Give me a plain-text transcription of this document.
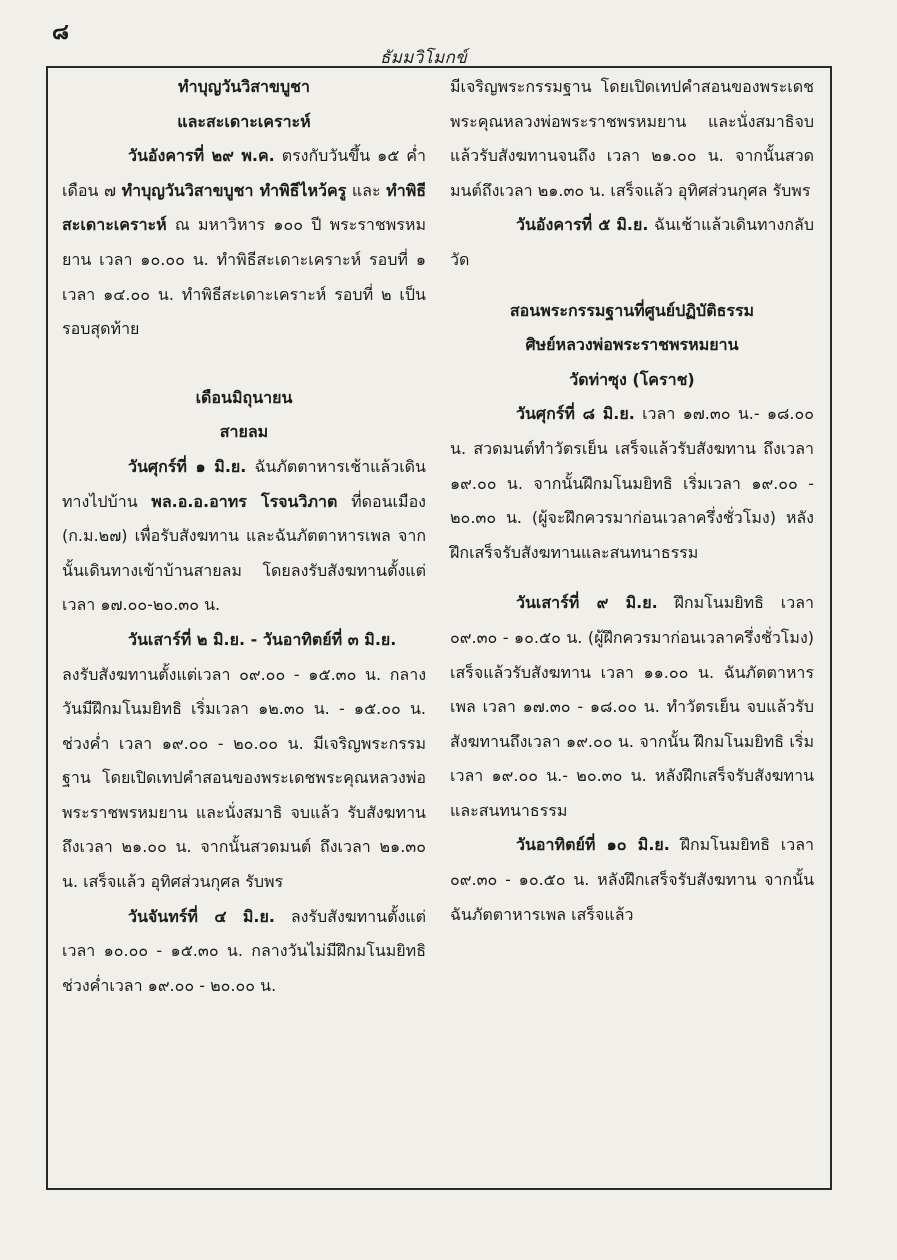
๘
ธัมมวิโมกข์

ทำบุญวันวิสาขบูชา

และสะเดาะเคราะห์

วันอังคารที่ ๒๙ พ.ค. ตรงกับวันขึ้น ๑๕ ค่ำ เดือน ๗ ทำบุญวันวิสาขบูชา ทำพิธีไหว้ครู และ ทำพิธีสะเดาะเคราะห์ ณ มหาวิหาร ๑๐๐ ปี พระราชพรหมยาน เวลา ๑๐.๐๐ น. ทำพิธีสะเดาะเคราะห์ รอบที่ ๑ เวลา ๑๔.๐๐ น. ทำพิธีสะเดาะเคราะห์ รอบที่ ๒ เป็นรอบสุดท้าย

เดือนมิถุนายน

สายลม

วันศุกร์ที่ ๑ มิ.ย. ฉันภัตตาหารเช้าแล้วเดินทางไปบ้าน พล.อ.อ.อาทร โรจนวิภาต ที่ดอนเมือง (ก.ม.๒๗) เพื่อรับสังฆทาน และฉันภัตตาหารเพล จากนั้นเดินทางเข้าบ้านสายลม โดยลงรับสังฆทานตั้งแต่เวลา ๑๗.๐๐-๒๐.๓๐ น.

วันเสาร์ที่ ๒ มิ.ย. - วันอาทิตย์ที่ ๓ มิ.ย.

ลงรับสังฆทานตั้งแต่เวลา ๐๙.๐๐ - ๑๕.๓๐ น. กลางวันมีฝึกมโนมยิทธิ เริ่มเวลา ๑๒.๓๐ น. - ๑๕.๐๐ น. ช่วงค่ำ เวลา ๑๙.๐๐ - ๒๐.๐๐ น. มีเจริญพระกรรมฐาน โดยเปิดเทปคำสอนของพระเดชพระคุณหลวงพ่อพระราชพรหมยาน และนั่งสมาธิ จบแล้ว รับสังฆทาน ถึงเวลา ๒๑.๐๐ น. จากนั้นสวดมนต์ ถึงเวลา ๒๑.๓๐ น. เสร็จแล้ว อุทิศส่วนกุศล รับพร

วันจันทร์ที่ ๔ มิ.ย. ลงรับสังฆทานตั้งแต่ เวลา ๑๐.๐๐ - ๑๕.๓๐ น. กลางวันไม่มีฝึกมโนมยิทธิ ช่วงค่ำเวลา ๑๙.๐๐ - ๒๐.๐๐ น.

มีเจริญพระกรรมฐาน โดยเปิดเทปคำสอนของพระเดชพระคุณหลวงพ่อพระราชพรหมยาน และนั่งสมาธิจบแล้วรับสังฆทานจนถึง เวลา ๒๑.๐๐ น. จากนั้นสวดมนต์ถึงเวลา ๒๑.๓๐ น. เสร็จแล้ว อุทิศส่วนกุศล รับพร

วันอังคารที่ ๕ มิ.ย. ฉันเช้าแล้วเดินทางกลับวัด

สอนพระกรรมฐานที่ศูนย์ปฏิบัติธรรม

ศิษย์หลวงพ่อพระราชพรหมยาน

วัดท่าซุง (โคราช)

วันศุกร์ที่ ๘ มิ.ย. เวลา ๑๗.๓๐ น.- ๑๘.๐๐ น. สวดมนต์ทำวัตรเย็น เสร็จแล้วรับสังฆทาน ถึงเวลา ๑๙.๐๐ น. จากนั้นฝึกมโนมยิทธิ เริ่มเวลา ๑๙.๐๐ - ๒๐.๓๐ น. (ผู้จะฝึกควรมาก่อนเวลาครึ่งชั่วโมง) หลังฝึกเสร็จรับสังฆทานและสนทนาธรรม

วันเสาร์ที่ ๙ มิ.ย. ฝึกมโนมยิทธิ เวลา ๐๙.๓๐ - ๑๐.๕๐ น. (ผู้ฝึกควรมาก่อนเวลาครึ่งชั่วโมง) เสร็จแล้วรับสังฆทาน เวลา ๑๑.๐๐ น. ฉันภัตตาหารเพล เวลา ๑๗.๓๐ - ๑๘.๐๐ น. ทำวัตรเย็น จบแล้วรับสังฆทานถึงเวลา ๑๙.๐๐ น. จากนั้น ฝึกมโนมยิทธิ เริ่มเวลา ๑๙.๐๐ น.- ๒๐.๓๐ น. หลังฝึกเสร็จรับสังฆทานและสนทนาธรรม

วันอาทิตย์ที่ ๑๐ มิ.ย. ฝึกมโนมยิทธิ เวลา ๐๙.๓๐ - ๑๐.๕๐ น. หลังฝึกเสร็จรับสังฆทาน จากนั้นฉันภัตตาหารเพล เสร็จแล้ว
